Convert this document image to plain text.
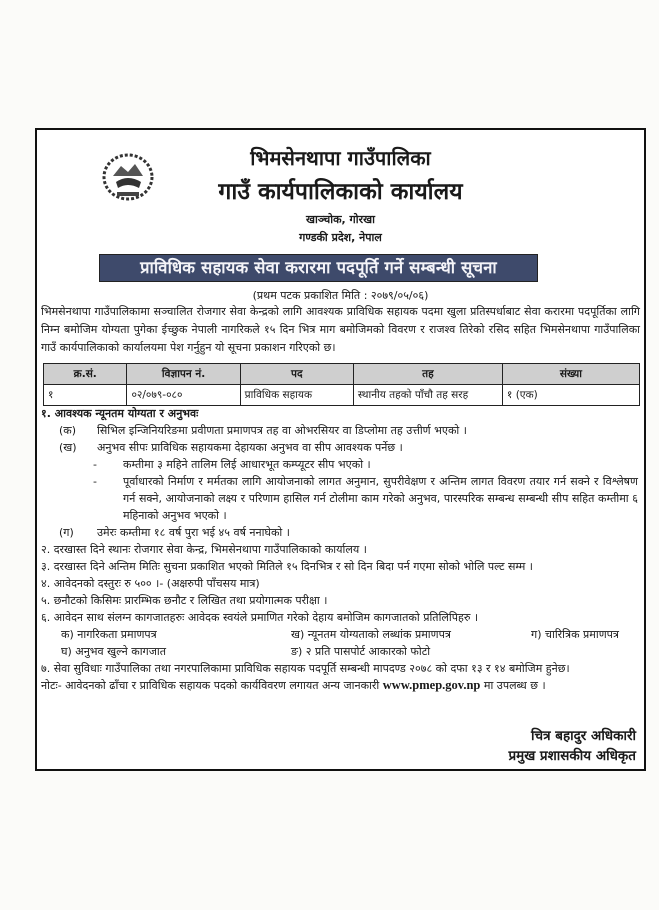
भिमसेनथापा गाउँपालिका
गाउँ कार्यपालिकाको कार्यालय
खाञ्चोक, गोरखा
गण्डकी प्रदेश, नेपाल
प्राविधिक सहायक सेवा करारमा पदपूर्ति गर्ने सम्बन्धी सूचना
(प्रथम पटक प्रकाशित मिति : २०७९/०५/०६)
भिमसेनथापा गाउँपालिकामा सञ्चालित रोजगार सेवा केन्द्रको लागि आवश्यक प्राविधिक सहायक पदमा खुला प्रतिस्पर्धाबाट सेवा करारमा पदपूर्तिका लागि निम्न बमोजिम योग्यता पुगेका ईच्छुक नेपाली नागरिकले १५ दिन भित्र माग बमोजिमको विवरण र राजश्व तिरेको रसिद सहित भिमसेनथापा गाउँपालिका गाउँ कार्यपालिकाको कार्यालयमा पेश गर्नुहुन यो सूचना प्रकाशन गरिएको छ।
क्र.सं.	विज्ञापन नं.	पद	तह	संख्या
१	०२/०७९-०८०	प्राविधिक सहायक	स्थानीय तहको पाँचौ तह सरह	१ (एक)
१. आवश्यक न्यूनतम योग्यता र अनुभवः
(क)	सिभिल इन्जिनियरिङमा प्रवीणता प्रमाणपत्र तह वा ओभरसियर वा डिप्लोमा तह उत्तीर्ण भएको ।
(ख)	अनुभव सीपः प्राविधिक सहायकमा देहायका अनुभव वा सीप आवश्यक पर्नेछ ।
-	कम्तीमा ३ महिने तालिम लिई आधारभूत कम्प्यूटर सीप भएको ।
-	पूर्वाधारको निर्माण र मर्मतका लागि आयोजनाको लागत अनुमान, सुपरीवेक्षण र अन्तिम लागत विवरण तयार गर्न सक्ने र विश्लेषण गर्न सक्ने, आयोजनाको लक्ष्य र परिणाम हासिल गर्न टोलीमा काम गरेको अनुभव, पारस्परिक सम्बन्ध सम्बन्धी सीप सहित कम्तीमा ६ महिनाको अनुभव भएको ।
(ग)	उमेरः कम्तीमा १८ वर्ष पुरा भई ४५ वर्ष ननाघेको ।
२. दरखास्त दिने स्थानः रोजगार सेवा केन्द्र, भिमसेनथापा गाउँपालिकाको कार्यालय ।
३. दरखास्त दिने अन्तिम मितिः सुचना प्रकाशित भएको मितिले १५ दिनभित्र र सो दिन बिदा पर्न गएमा सोको भोलि पल्ट सम्म ।
४. आवेदनको दस्तुरः रु ५०० ।- (अक्षरुपी पाँचसय मात्र)
५. छनौटको किसिमः प्रारम्भिक छनौट र लिखित तथा प्रयोगात्मक परीक्षा ।
६. आवेदन साथ संलग्न कागजातहरुः आवेदक स्वयंले प्रमाणित गरेको देहाय बमोजिम कागजातको प्रतिलिपिहरु ।
क) नागरिकता प्रमाणपत्र	ख) न्यूनतम योग्यताको लब्धांक प्रमाणपत्र	ग) चारित्रिक प्रमाणपत्र
घ) अनुभव खुल्ने कागजात	ङ) २ प्रति पासपोर्ट आकारको फोटो
७. सेवा सुविधाः गाउँपालिका तथा नगरपालिकामा प्राविधिक सहायक पदपूर्ति सम्बन्धी मापदण्ड २०७८ को दफा १३ र १४ बमोजिम हुनेछ।
नोटः- आवेदनको ढाँचा र प्राविधिक सहायक पदको कार्यविवरण लगायत अन्य जानकारी www.pmep.gov.np मा उपलब्ध छ ।
चित्र बहादुर अधिकारी
प्रमुख प्रशासकीय अधिकृत
